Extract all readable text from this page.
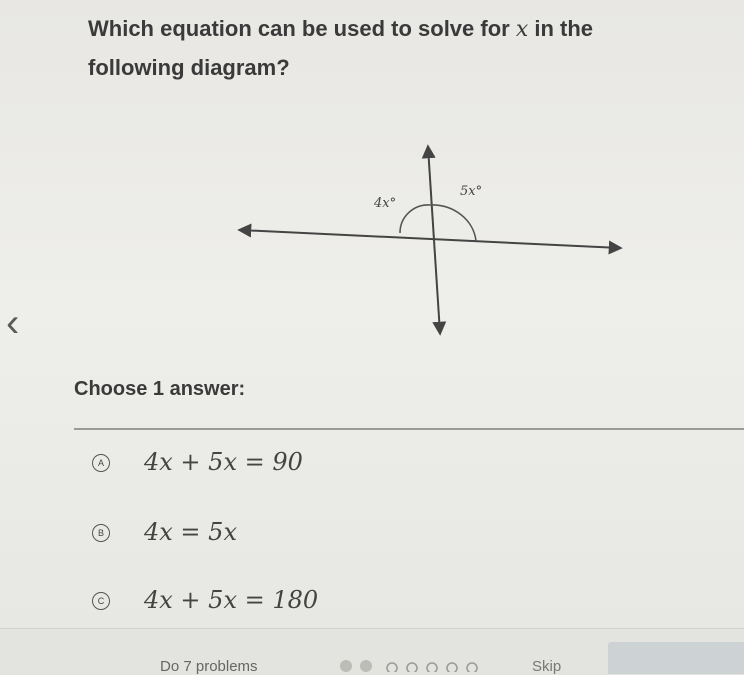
Which equation can be used to solve for x in the following diagram?
‹
4x°
5x°
Choose 1 answer:
A 4x + 5x = 90
B 4x = 5x
C 4x + 5x = 180
Do 7 problems	Skip
